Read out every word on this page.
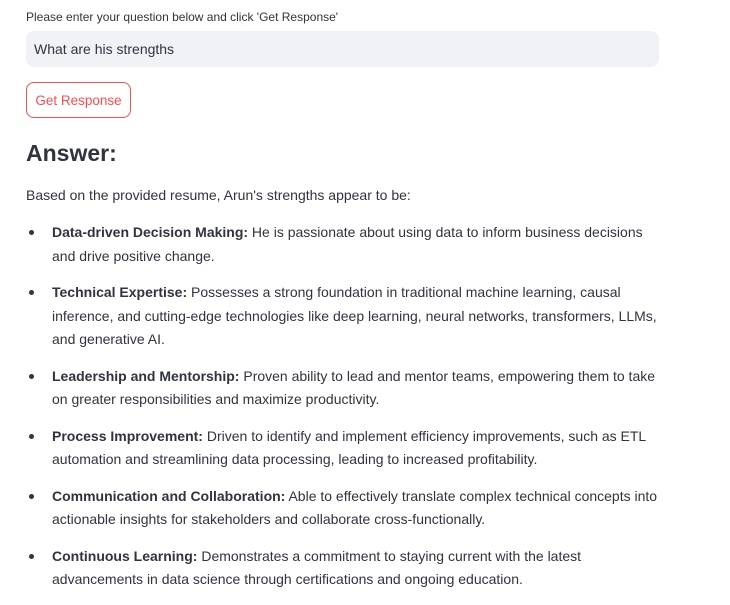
Please enter your question below and click 'Get Response'
What are his strengths
Get Response
Answer:

Based on the provided resume, Arun's strengths appear to be:

Data-driven Decision Making: He is passionate about using data to inform business decisions and drive positive change.
Technical Expertise: Possesses a strong foundation in traditional machine learning, causal inference, and cutting-edge technologies like deep learning, neural networks, transformers, LLMs, and generative AI.
Leadership and Mentorship: Proven ability to lead and mentor teams, empowering them to take on greater responsibilities and maximize productivity.
Process Improvement: Driven to identify and implement efficiency improvements, such as ETL automation and streamlining data processing, leading to increased profitability.
Communication and Collaboration: Able to effectively translate complex technical concepts into actionable insights for stakeholders and collaborate cross-functionally.
Continuous Learning: Demonstrates a commitment to staying current with the latest advancements in data science through certifications and ongoing education.
